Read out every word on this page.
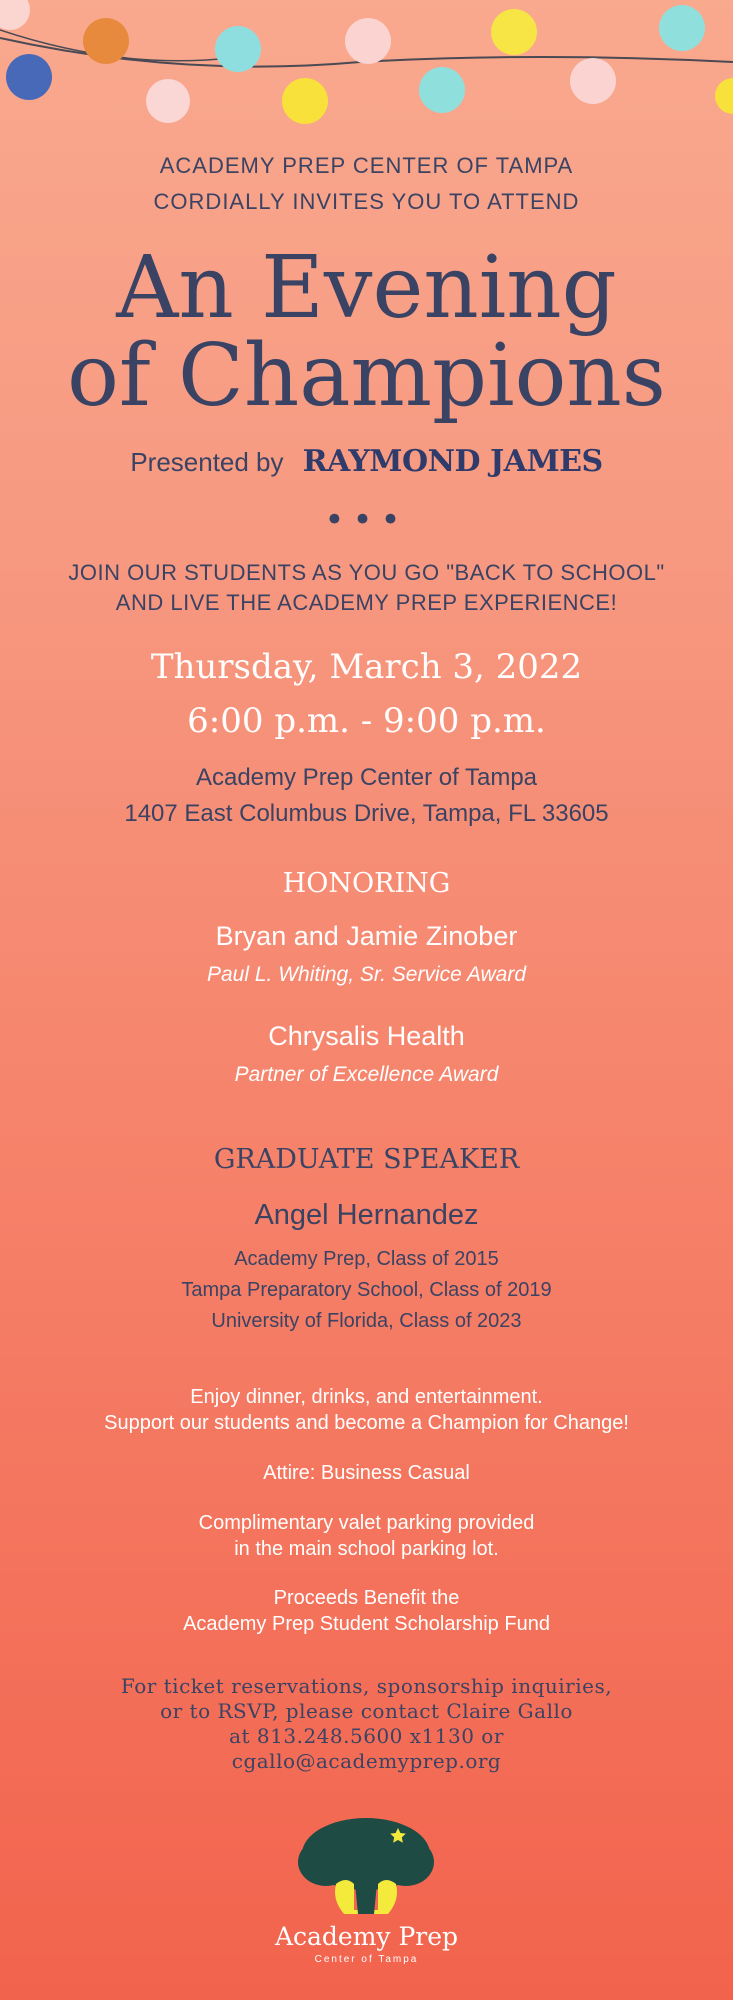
ACADEMY PREP CENTER OF TAMPA
CORDIALLY INVITES YOU TO ATTEND
An Evening
of Champions
Presented by RAYMOND JAMES
•••
JOIN OUR STUDENTS AS YOU GO "BACK TO SCHOOL"
AND LIVE THE ACADEMY PREP EXPERIENCE!
Thursday, March 3, 2022
6:00 p.m. - 9:00 p.m.
Academy Prep Center of Tampa
1407 East Columbus Drive, Tampa, FL 33605
HONORING
Bryan and Jamie Zinober
Paul L. Whiting, Sr. Service Award
Chrysalis Health
Partner of Excellence Award
GRADUATE SPEAKER
Angel Hernandez
Academy Prep, Class of 2015
Tampa Preparatory School, Class of 2019
University of Florida, Class of 2023
Enjoy dinner, drinks, and entertainment.
Support our students and become a Champion for Change!
Attire: Business Casual
Complimentary valet parking provided
in the main school parking lot.
Proceeds Benefit the
Academy Prep Student Scholarship Fund
For ticket reservations, sponsorship inquiries,
or to RSVP, please contact Claire Gallo
at 813.248.5600 x1130 or
cgallo@academyprep.org
Academy Prep
Center of Tampa
